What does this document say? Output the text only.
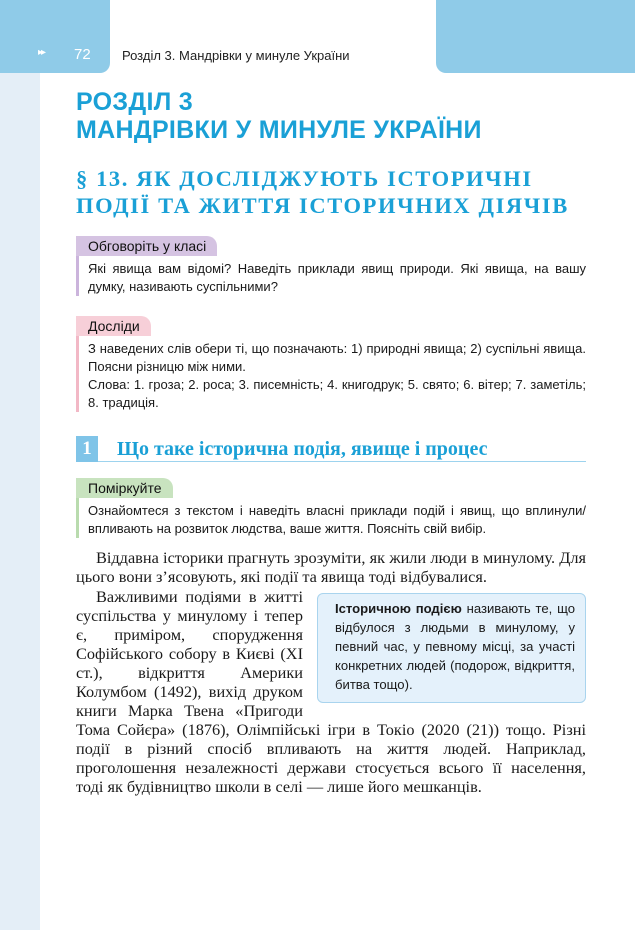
▸▸ 72 Розділ 3. Мандрівки у минуле України
РОЗДІЛ 3
МАНДРІВКИ У МИНУЛЕ УКРАЇНИ
§ 13. ЯК ДОСЛІДЖУЮТЬ ІСТОРИЧНІ
ПОДІЇ ТА ЖИТТЯ ІСТОРИЧНИХ ДІЯЧІВ
Обговоріть у класі
Які явища вам відомі? Наведіть приклади явищ природи. Які явища, на вашу думку, називають суспільними?
Досліди
З наведених слів обери ті, що позначають: 1) природні явища; 2) суспільні явища. Поясни різницю між ними.
Слова: 1. гроза; 2. роса; 3. писемність; 4. книгодрук; 5. свято; 6. вітер; 7. заметіль; 8. традиція.
1	Що таке історична подія, явище і процес
Поміркуйте
Ознайомтеся з текстом і наведіть власні приклади подій і явищ, що вплинули/впливають на розвиток людства, ваше життя. Поясніть свій вибір.

Віддавна історики прагнуть зрозуміти, як жили люди в минулому. Для цього вони з’ясовують, які події та явища тоді відбувалися.

Історичною подією називають те, що відбулося з людьми в минулому, у певний час, у певному місці, за участі конкретних людей (подорож, відкриття, битва тощо).
Важливими подіями в житті суспільства у минулому і тепер є, приміром, спорудження Софійського собору в Києві (XI ст.), відкриття Америки Колумбом (1492), вихід друком книги Марка Твена «Пригоди Тома Сойєра» (1876), Олімпійські ігри в Токіо (2020 (21)) тощо. Різні події в різний спосіб впливають на життя людей. Наприклад, проголошення незалежності держави стосується всього її населення, тоді як будівництво школи в селі — лише його мешканців.
